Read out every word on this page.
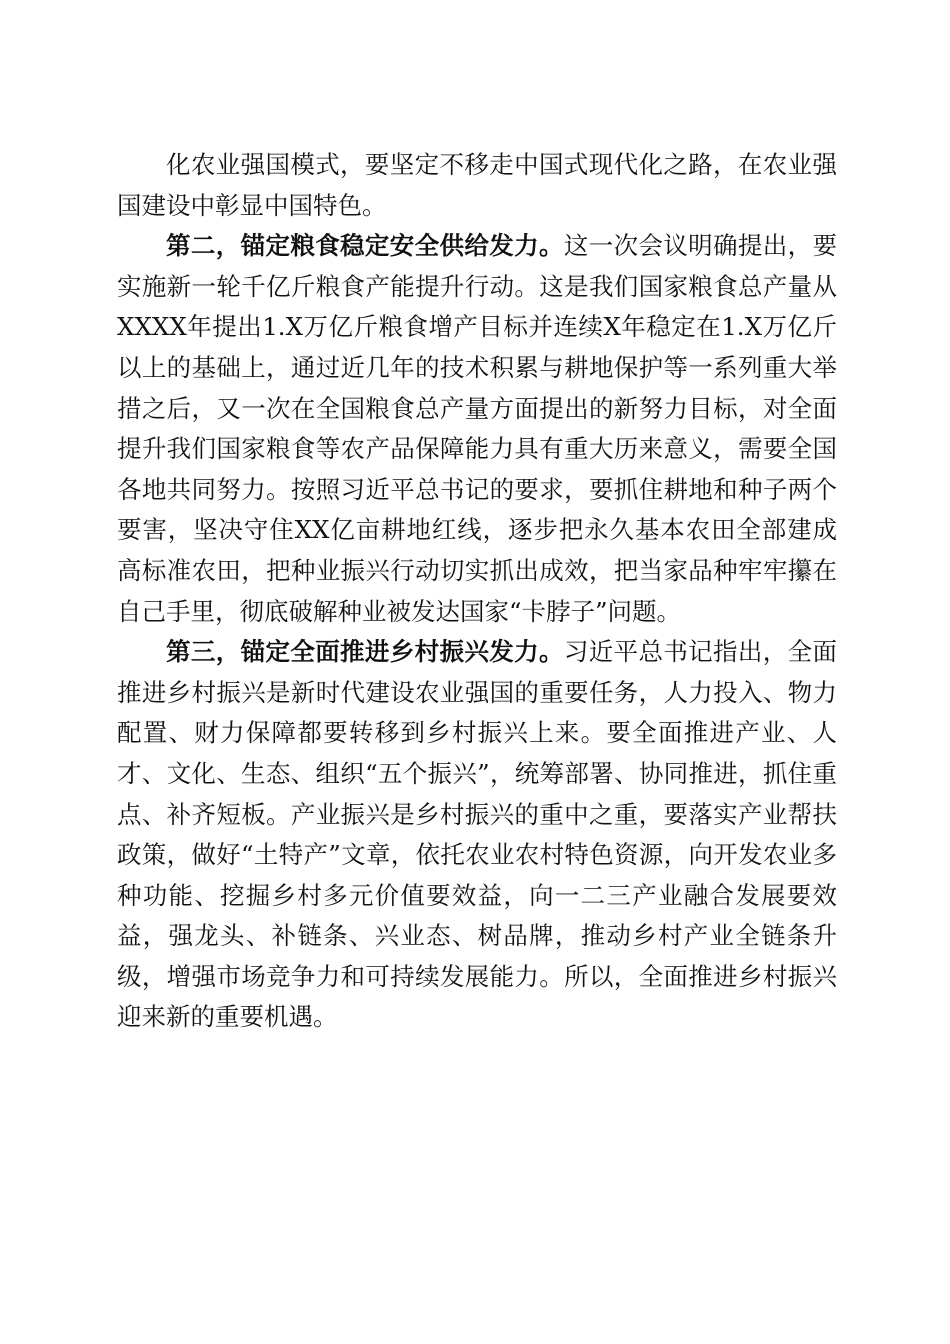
化农业强国模式，要坚定不移走中国式现代化之路，在农业强国建设中彰显中国特色。

第二，锚定粮食稳定安全供给发力。这一次会议明确提出，要实施新一轮千亿斤粮食产能提升行动。这是我们国家粮食总产量从XXXX年提出1.X万亿斤粮食增产目标并连续X年稳定在1.X万亿斤以上的基础上，通过近几年的技术积累与耕地保护等一系列重大举措之后，又一次在全国粮食总产量方面提出的新努力目标，对全面提升我们国家粮食等农产品保障能力具有重大历来意义，需要全国各地共同努力。按照习近平总书记的要求，要抓住耕地和种子两个要害，坚决守住XX亿亩耕地红线，逐步把永久基本农田全部建成高标准农田，把种业振兴行动切实抓出成效，把当家品种牢牢攥在自己手里，彻底破解种业被发达国家“卡脖子”问题。

第三，锚定全面推进乡村振兴发力。习近平总书记指出，全面推进乡村振兴是新时代建设农业强国的重要任务，人力投入、物力配置、财力保障都要转移到乡村振兴上来。要全面推进产业、人才、文化、生态、组织“五个振兴”，统筹部署、协同推进，抓住重点、补齐短板。产业振兴是乡村振兴的重中之重，要落实产业帮扶政策，做好“土特产”文章，依托农业农村特色资源，向开发农业多种功能、挖掘乡村多元价值要效益，向一二三产业融合发展要效益，强龙头、补链条、兴业态、树品牌，推动乡村产业全链条升级，增强市场竞争力和可持续发展能力。所以，全面推进乡村振兴迎来新的重要机遇。
